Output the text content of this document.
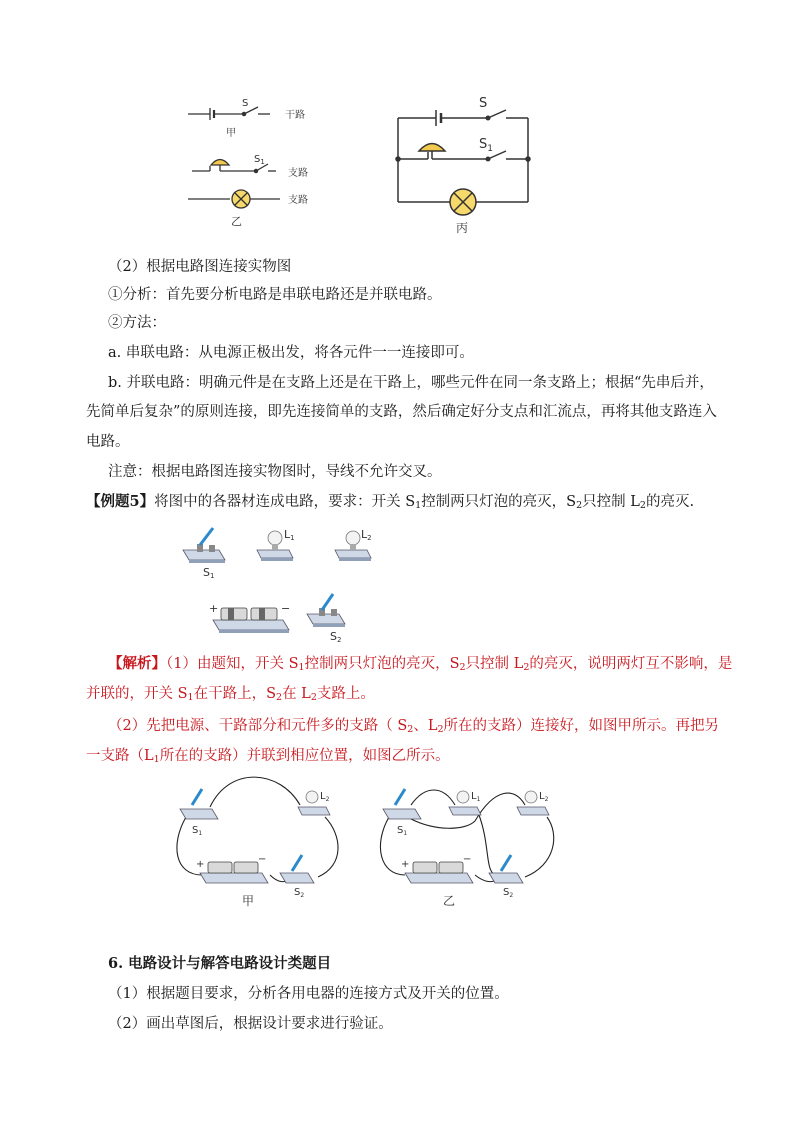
S
干路
甲
$S_1$
支路
支路
乙
S
$S_1$
丙
（2）根据电路图连接实物图
①分析：首先要分析电路是串联电路还是并联电路。
②方法：
a. 串联电路：从电源正极出发，将各元件一一连接即可。
b. 并联电路：明确元件是在支路上还是在干路上，哪些元件在同一条支路上；根据“先串后并，
先简单后复杂”的原则连接，即先连接简单的支路，然后确定好分支点和汇流点，再将其他支路连入
电路。
注意：根据电路图连接实物图时，导线不允许交叉。
【例题5】将图中的各器材连成电路，要求：开关 $S_1$控制两只灯泡的亮灭，$S_2$只控制 $L_2$的亮灭.
S1
L1	L2
+	−
S2
【解析】（1）由题知，开关 $S_1$控制两只灯泡的亮灭，$S_2$只控制 $L_2$的亮灭，说明两灯互不影响，是
并联的，开关 $S_1$在干路上，$S_2$在 $L_2$支路上。
（2）先把电源、干路部分和元件多的支路（ $S_2$、$L_2$所在的支路）连接好，如图甲所示。再把另
一支路（$L_1$所在的支路）并联到相应位置，如图乙所示。
$S_1$
$L_2$
+	−
$S_2$
甲
$S_1$
$L_1$	$L_2$
+	−
$S_2$
乙
6. 电路设计与解答电路设计类题目
（1）根据题目要求，分析各用电器的连接方式及开关的位置。
（2）画出草图后，根据设计要求进行验证。
